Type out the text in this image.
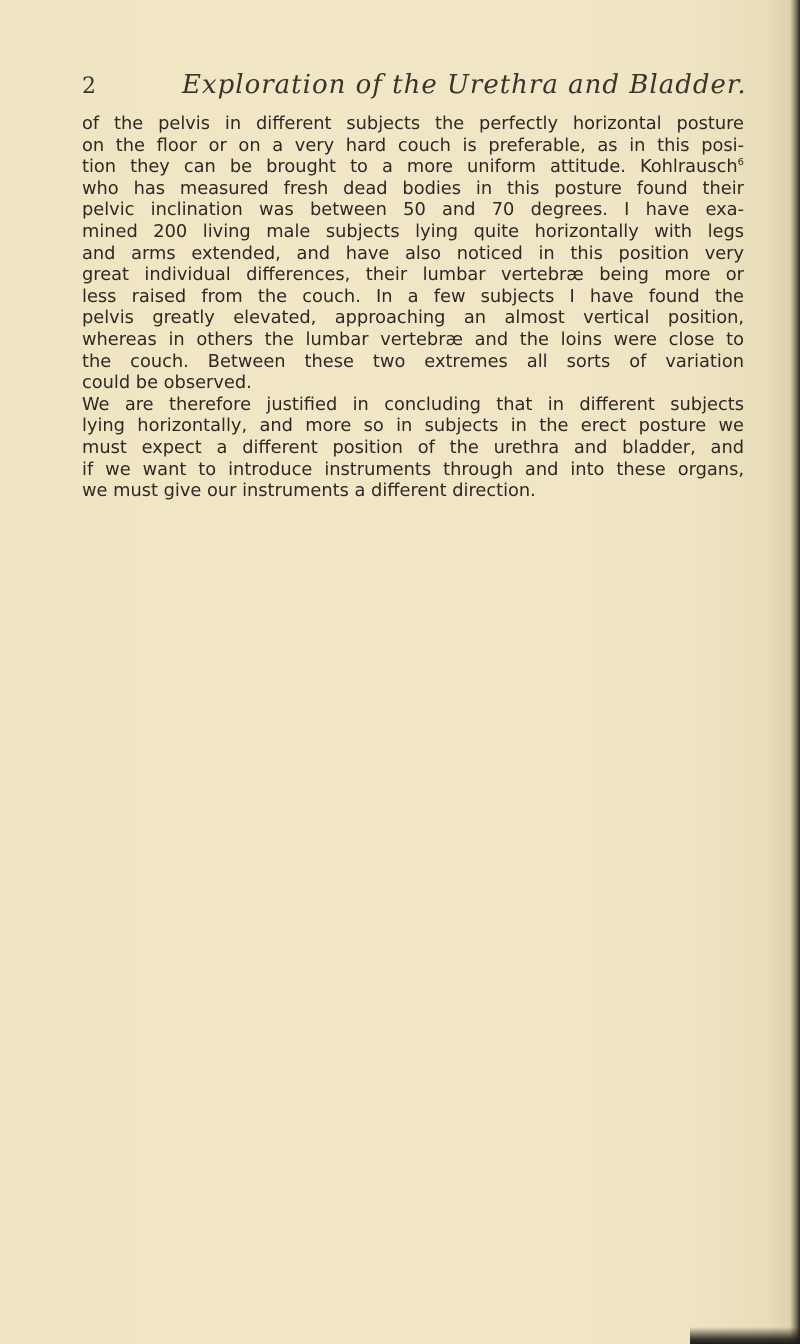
2	Exploration of the Urethra and Bladder.

of the pelvis in different subjects the perfectly horizontal posture
on the floor or on a very hard couch is preferable, as in this posi-
tion they can be brought to a more uniform attitude. Kohlrausch$^6$
who has measured fresh dead bodies in this posture found their
pelvic inclination was between 50 and 70 degrees. I have exa-
mined 200 living male subjects lying quite horizontally with legs
and arms extended, and have also noticed in this position very
great individual differences, their lumbar vertebræ being more or
less raised from the couch. In a few subjects I have found the
pelvis greatly elevated, approaching an almost vertical position,
whereas in others the lumbar vertebræ and the loins were close to
the couch. Between these two extremes all sorts of variation
could be observed.

We are therefore justified in concluding that in different subjects
lying horizontally, and more so in subjects in the erect posture we
must expect a different position of the urethra and bladder, and
if we want to introduce instruments through and into these organs,
we must give our instruments a different direction.
